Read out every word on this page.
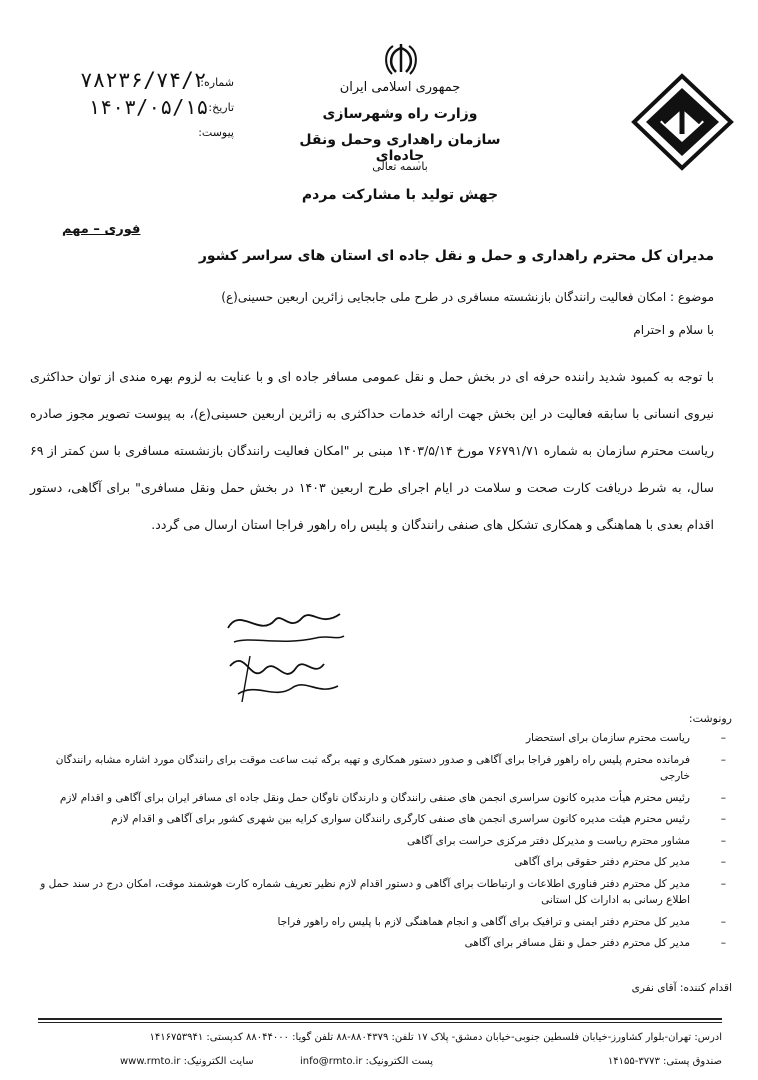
جمهوری اسلامی ایران
وزارت راه وشهرسازی
سازمان راهداری وحمل ونقل جاده‌ای
باسمه تعالی
جهش تولید با مشارکت مردم
شماره:
۷۸۲۳۶/۷۴/۲
تاریخ:
۱۴۰۳/۰۵/۱۵
پیوست:
فوری – مهم
مدیران کل محترم راهداری و حمل و نقل جاده ای استان های سراسر کشور
موضوع : امکان فعالیت رانندگان بازنشسته مسافری در طرح ملی جابجایی زائرین اربعین حسینی(ع)
با سلام و احترام
با توجه به کمبود شدید راننده حرفه ای در بخش حمل و نقل عمومی مسافر جاده ای و با عنایت به لزوم بهره مندی از توان حداکثری نیروی انسانی با سابقه فعالیت در این بخش جهت ارائه خدمات حداکثری به زائرین اربعین حسینی(ع)، به پیوست تصویر مجوز صادره ریاست محترم سازمان به شماره ۷۶۷۹۱/۷۱ مورخ ۱۴۰۳/۵/۱۴ مبنی بر "امکان فعالیت رانندگان بازنشسته مسافری با سن کمتر از ۶۹ سال، به شرط دریافت کارت صحت و سلامت در ایام اجرای طرح اربعین ۱۴۰۳ در بخش حمل ونقل مسافری" برای آگاهی، دستور اقدام بعدی با هماهنگی و همکاری تشکل های صنفی رانندگان و پلیس راه راهور فراجا استان ارسال می گردد.
رونوشت:
– ریاست محترم سازمان برای استحضار
– فرمانده محترم پلیس راه راهور فراجا برای آگاهی و صدور دستور همکاری و تهیه برگه ثبت ساعت موقت برای رانندگان مورد اشاره مشابه رانندگان خارجی
– رئیس محترم هیأت مدیره کانون سراسری انجمن های صنفی رانندگان و دارندگان ناوگان حمل ونقل جاده ای مسافر ایران برای آگاهی و اقدام لازم
– رئیس محترم هیئت مدیره کانون سراسری انجمن های صنفی کارگری رانندگان سواری کرایه بین شهری کشور برای آگاهی و اقدام لازم
– مشاور محترم ریاست و مدیرکل دفتر مرکزی حراست برای آگاهی
– مدیر کل محترم دفتر حقوقی برای آگاهی
– مدیر کل محترم دفتر فناوری اطلاعات و ارتباطات برای آگاهی و دستور اقدام لازم نظیر تعریف شماره کارت هوشمند موقت، امکان درج در سند حمل و اطلاع رسانی به ادارات کل استانی
– مدیر کل محترم دفتر ایمنی و ترافیک برای آگاهی و انجام هماهنگی لازم با پلیس راه راهور فراجا
– مدیر کل محترم دفتر حمل و نقل مسافر برای آگاهی
اقدام کننده: آقای نفری
ادرس: تهران-بلوار کشاورز-خیابان فلسطین جنوبی-خیابان دمشق- پلاک ۱۷ تلفن: ۸۸۰۴۳۷۹-۸۸ تلفن گویا: ۸۸۰۴۴۰۰۰ کدپستی: ۱۴۱۶۷۵۳۹۴۱
صندوق پستی: ۳۷۷۳-۱۴۱۵۵
پست الکترونیک: info@rmto.ir
سایت الکترونیک: www.rmto.ir
